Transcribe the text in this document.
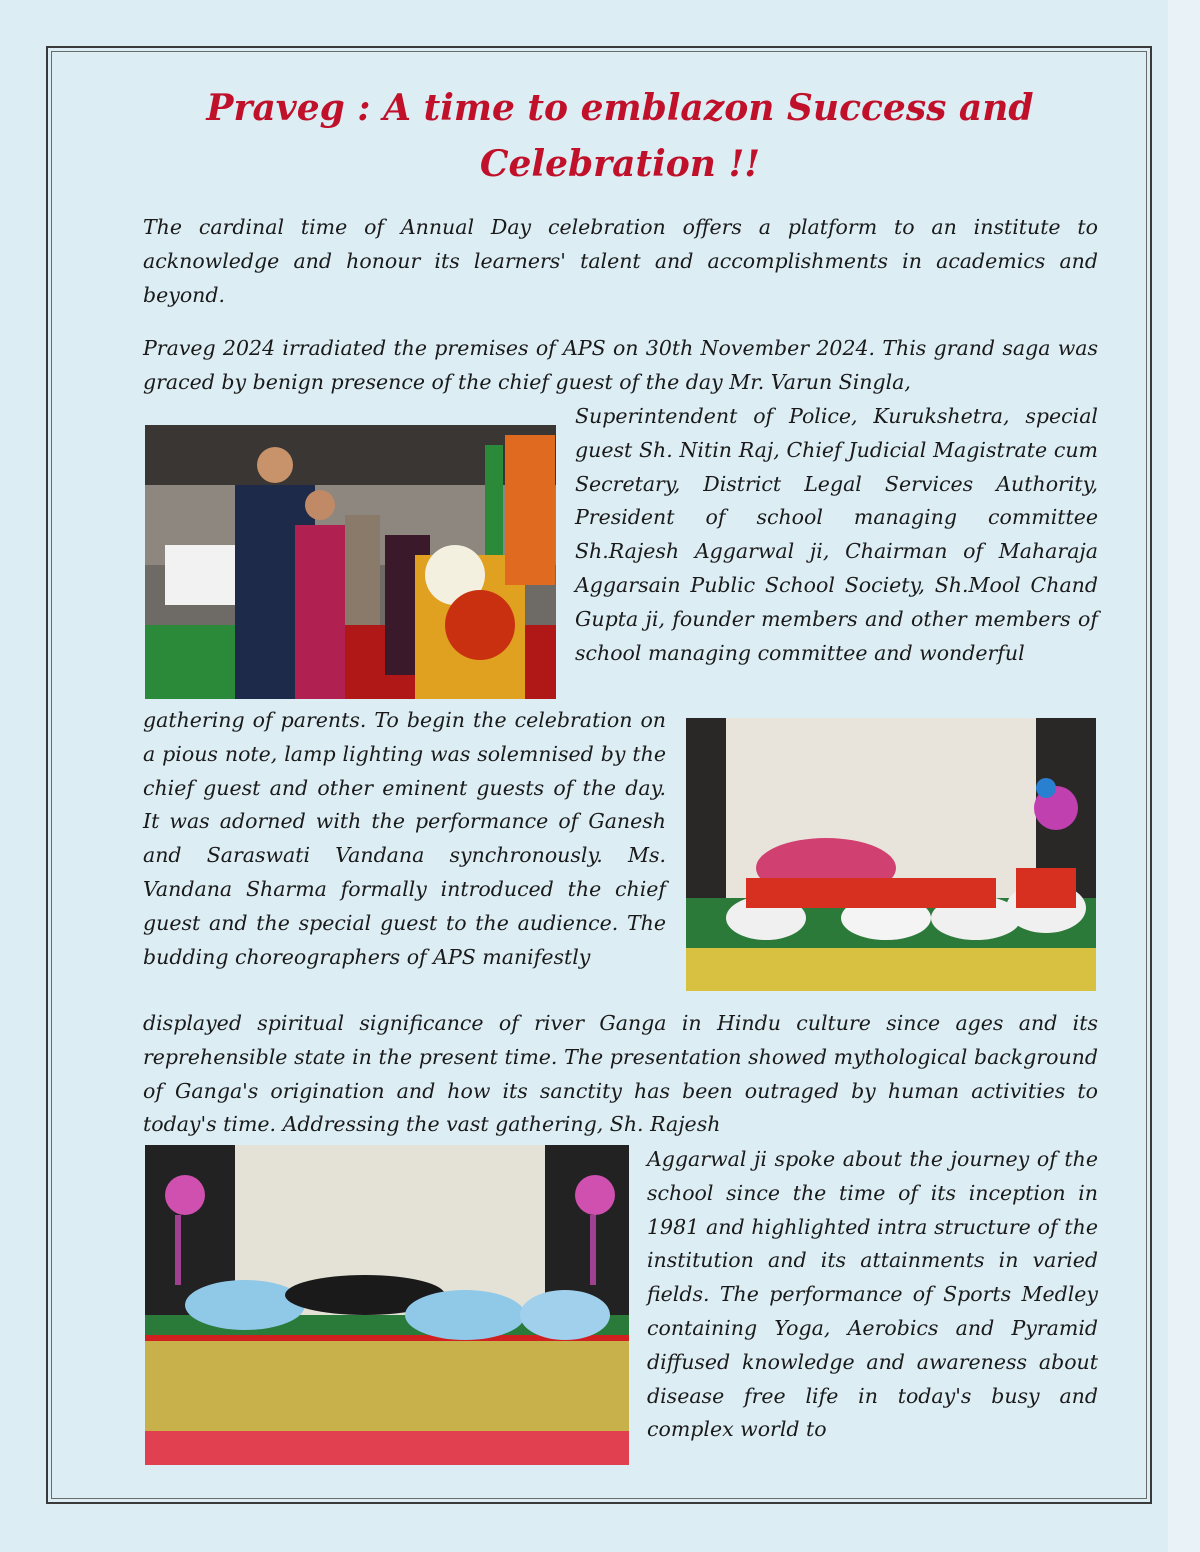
Praveg : A time to emblazon Success and Celebration !!

The cardinal time of Annual Day celebration offers a platform to an institute to acknowledge and honour its learners' talent and accomplishments in academics and beyond.

Praveg 2024 irradiated the premises of APS on 30th November 2024. This grand saga was graced by benign presence of the chief guest of the day Mr. Varun Singla,

Superintendent of Police, Kurukshetra, special guest Sh. Nitin Raj, Chief Judicial Magistrate cum Secretary, District Legal Services Authority, President of school managing committee Sh.Rajesh Aggarwal ji, Chairman of Maharaja Aggarsain Public School Society, Sh.Mool Chand Gupta ji, founder members and other members of school managing committee and wonderful

gathering of parents. To begin the celebration on a pious note, lamp lighting was solemnised by the chief guest and other eminent guests of the day. It was adorned with the performance of Ganesh and Saraswati Vandana synchronously. Ms. Vandana Sharma formally introduced the chief guest and the special guest to the audience. The budding choreographers of APS manifestly

displayed spiritual significance of river Ganga in Hindu culture since ages and its reprehensible state in the present time. The presentation showed mythological background of Ganga's origination and how its sanctity has been outraged by human activities to today's time. Addressing the vast gathering, Sh. Rajesh

Aggarwal ji spoke about the journey of the school since the time of its inception in 1981 and highlighted intra structure of the institution and its attainments in varied fields. The performance of Sports Medley containing Yoga, Aerobics and Pyramid diffused knowledge and awareness about disease free life in today's busy and complex world to
